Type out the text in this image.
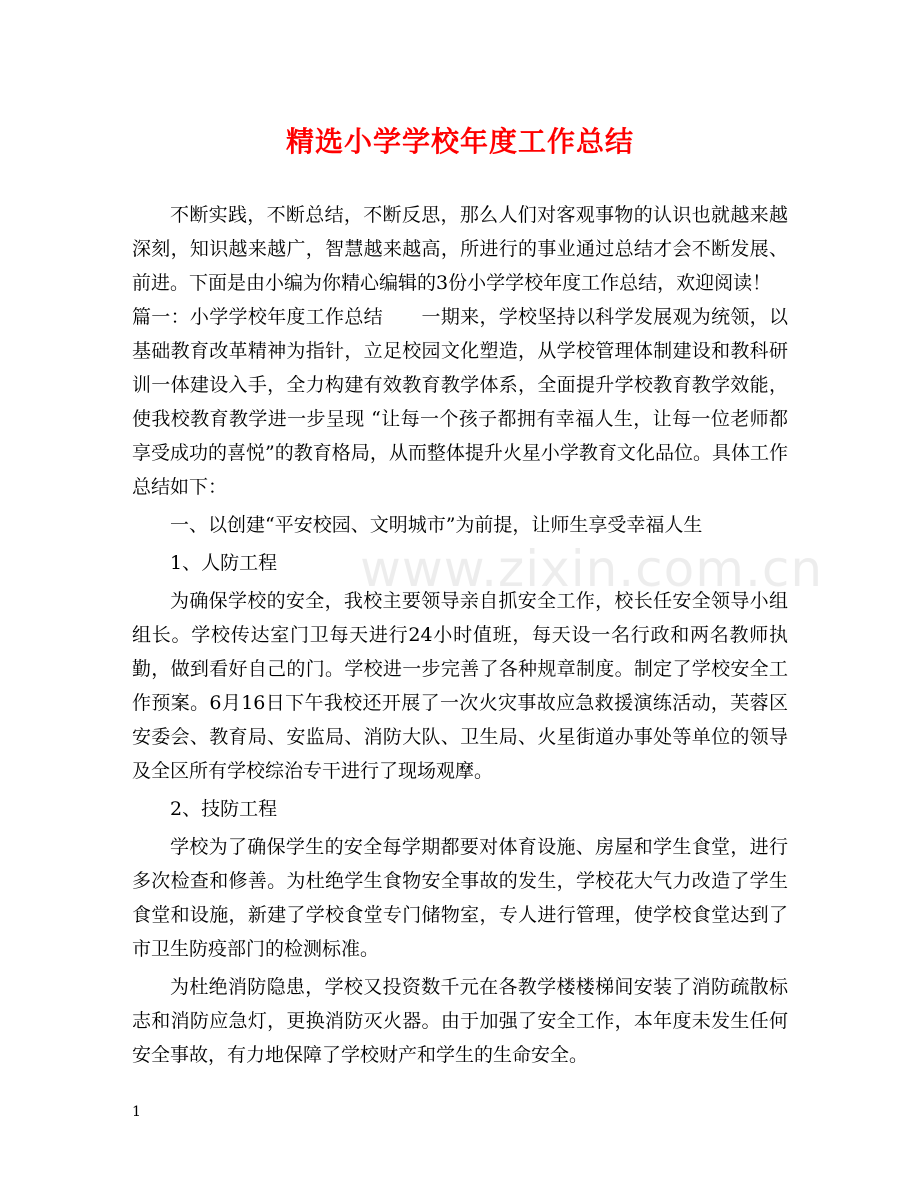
精选小学学校年度工作总结

不断实践，不断总结，不断反思，那么人们对客观事物的认识也就越来越深刻，知识越来越广，智慧越来越高，所进行的事业通过总结才会不断发展、前进。下面是由小编为你精心编辑的3份小学学校年度工作总结，欢迎阅读！

篇一：小学学校年度工作总结　　一期来，学校坚持以科学发展观为统领，以基础教育改革精神为指针，立足校园文化塑造，从学校管理体制建设和教科研训一体建设入手，全力构建有效教育教学体系，全面提升学校教育教学效能，使我校教育教学进一步呈现 “让每一个孩子都拥有幸福人生，让每一位老师都享受成功的喜悦”的教育格局，从而整体提升火星小学教育文化品位。具体工作总结如下：

一、以创建“平安校园、文明城市”为前提，让师生享受幸福人生

1、人防工程

为确保学校的安全，我校主要领导亲自抓安全工作，校长任安全领导小组组长。学校传达室门卫每天进行24小时值班，每天设一名行政和两名教师执勤，做到看好自己的门。学校进一步完善了各种规章制度。制定了学校安全工作预案。6月16日下午我校还开展了一次火灾事故应急救援演练活动，芙蓉区安委会、教育局、安监局、消防大队、卫生局、火星街道办事处等单位的领导及全区所有学校综治专干进行了现场观摩。

2、技防工程

学校为了确保学生的安全每学期都要对体育设施、房屋和学生食堂，进行多次检查和修善。为杜绝学生食物安全事故的发生，学校花大气力改造了学生食堂和设施，新建了学校食堂专门储物室，专人进行管理，使学校食堂达到了市卫生防疫部门的检测标准。

为杜绝消防隐患，学校又投资数千元在各教学楼楼梯间安装了消防疏散标志和消防应急灯，更换消防灭火器。由于加强了安全工作，本年度未发生任何安全事故，有力地保障了学校财产和学生的生命安全。

www.zixin.com.cn
1
